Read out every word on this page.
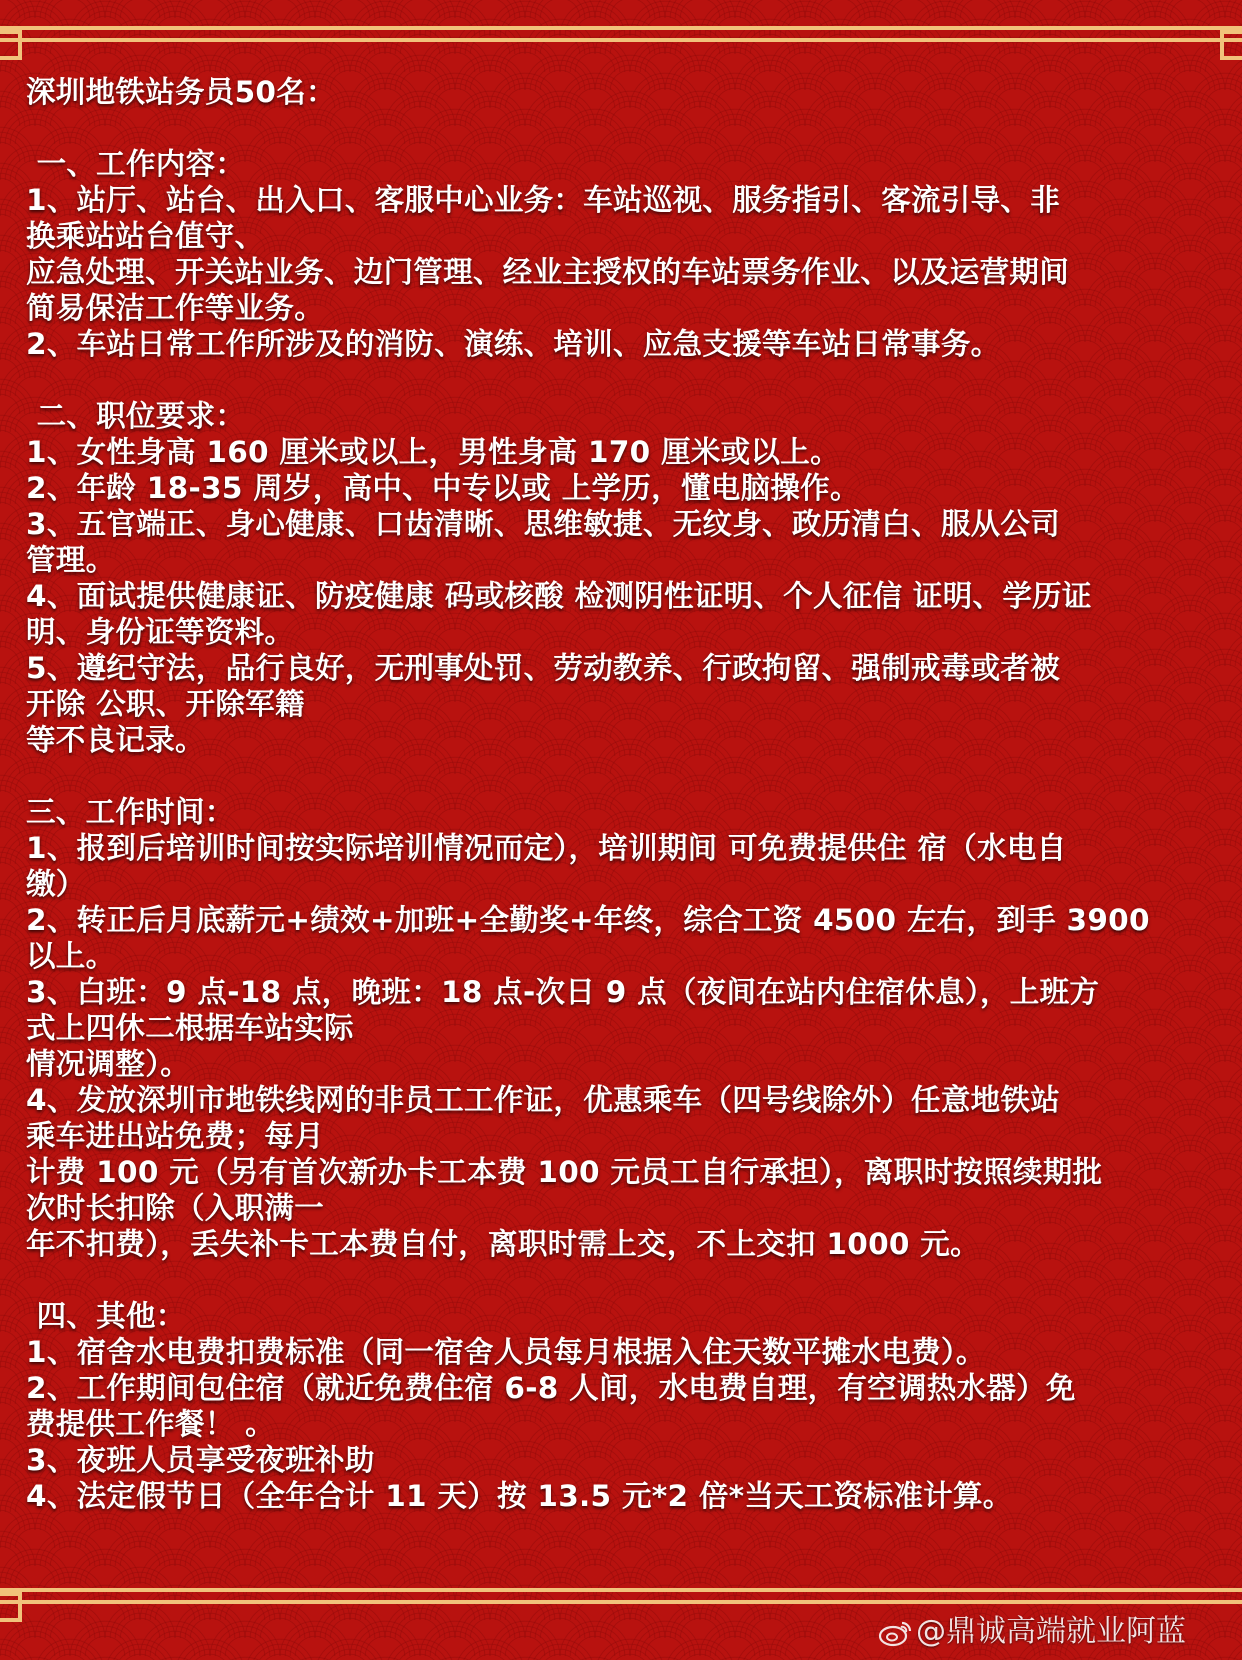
深圳地铁站务员50名：
一、工作内容：
1、站厅、站台、出入口、客服中心业务：车站巡视、服务指引、客流引导、非
换乘站站台值守、
应急处理、开关站业务、边门管理、经业主授权的车站票务作业、以及运营期间
简易保洁工作等业务。
2、车站日常工作所涉及的消防、演练、培训、应急支援等车站日常事务。
二、职位要求：
1、女性身高 160 厘米或以上，男性身高 170 厘米或以上。
2、年龄 18-35 周岁，高中、中专以或 上学历，懂电脑操作。
3、五官端正、身心健康、口齿清晰、思维敏捷、无纹身、政历清白、服从公司
管理。
4、面试提供健康证、防疫健康 码或核酸 检测阴性证明、个人征信 证明、学历证
明、身份证等资料。
5、遵纪守法，品行良好，无刑事处罚、劳动教养、行政拘留、强制戒毒或者被
开除 公职、开除军籍
等不良记录。
三、工作时间：
1、报到后培训时间按实际培训情况而定），培训期间 可免费提供住 宿（水电自
缴）
2、转正后月底薪元+绩效+加班+全勤奖+年终，综合工资 4500 左右，到手 3900
以上。
3、白班：9 点-18 点，晚班：18 点-次日 9 点（夜间在站内住宿休息），上班方
式上四休二根据车站实际
情况调整）。
4、发放深圳市地铁线网的非员工工作证，优惠乘车（四号线除外）任意地铁站
乘车进出站免费；每月
计费 100 元（另有首次新办卡工本费 100 元员工自行承担），离职时按照续期批
次时长扣除（入职满一
年不扣费），丢失补卡工本费自付，离职时需上交，不上交扣 1000 元。
四、其他：
1、宿舍水电费扣费标准（同一宿舍人员每月根据入住天数平摊水电费）。
2、工作期间包住宿（就近免费住宿 6-8 人间，水电费自理，有空调热水器）免
费提供工作餐！ 。
3、夜班人员享受夜班补助
4、法定假节日（全年合计 11 天）按 13.5 元*2 倍*当天工资标准计算。
@鼎诚高端就业阿蓝
